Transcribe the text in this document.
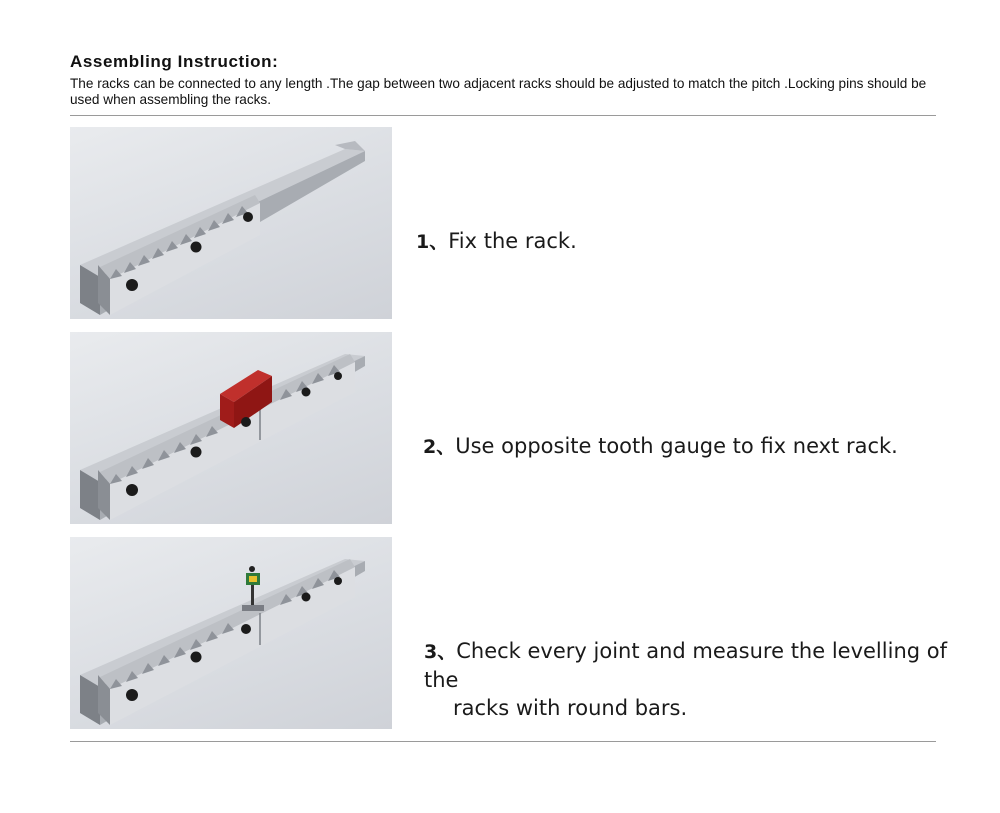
Assembling Instruction:
The racks can be connected to any length .The gap between two adjacent racks should be adjusted to match the pitch .Locking pins should be used when assembling the racks.
1、Fix the rack.
2、Use opposite tooth gauge to fix next rack.
3、Check every joint and measure the levelling of the
racks with round bars.
